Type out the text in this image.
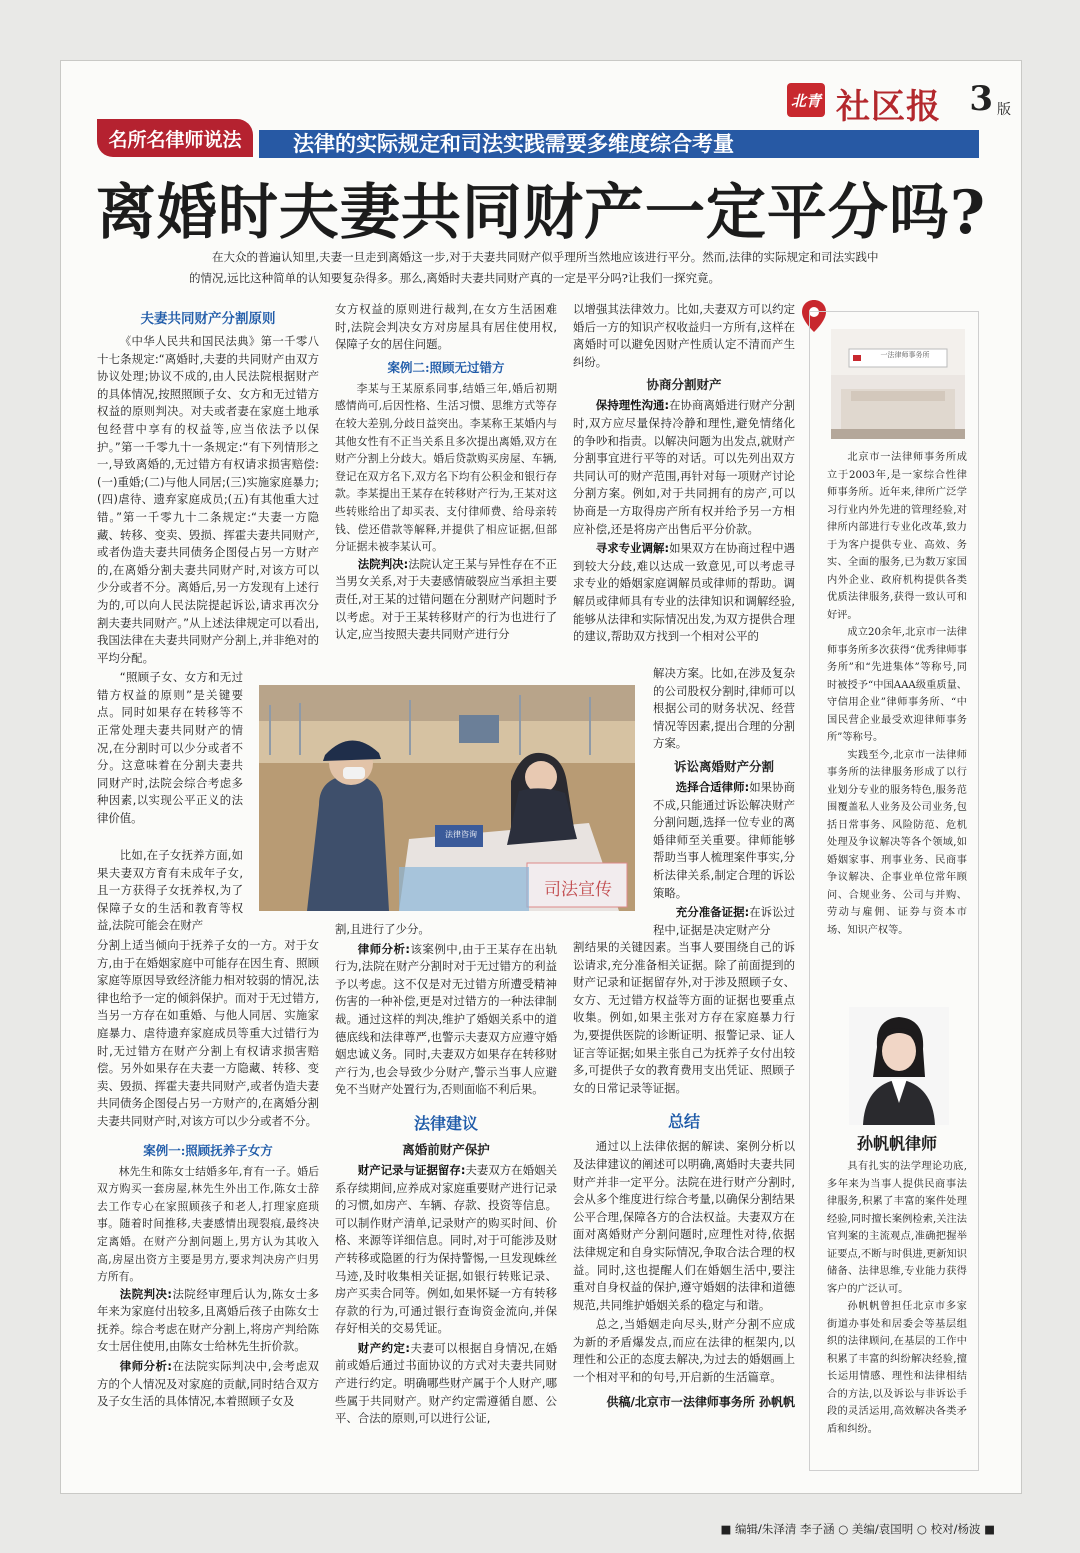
北青 社区报 3 版
法律的实际规定和司法实践需要多维度综合考量
名所名律师说法
离婚时夫妻共同财产一定平分吗?
在大众的普遍认知里,夫妻一旦走到离婚这一步,对于夫妻共同财产似乎理所当然地应该进行平分。然而,法律的实际规定和司法实践中的情况,远比这种简单的认知要复杂得多。那么,离婚时夫妻共同财产真的一定是平分吗?让我们一探究竟。
夫妻共同财产分割原则

《中华人民共和国民法典》第一千零八十七条规定:“离婚时,夫妻的共同财产由双方协议处理;协议不成的,由人民法院根据财产的具体情况,按照照顾子女、女方和无过错方权益的原则判决。对夫或者妻在家庭土地承包经营中享有的权益等,应当依法予以保护。”第一千零九十一条规定:“有下列情形之一,导致离婚的,无过错方有权请求损害赔偿:(一)重婚;(二)与他人同居;(三)实施家庭暴力;(四)虐待、遗弃家庭成员;(五)有其他重大过错。”第一千零九十二条规定:“夫妻一方隐藏、转移、变卖、毁损、挥霍夫妻共同财产,或者伪造夫妻共同债务企图侵占另一方财产的,在离婚分割夫妻共同财产时,对该方可以少分或者不分。离婚后,另一方发现有上述行为的,可以向人民法院提起诉讼,请求再次分割夫妻共同财产。”从上述法律规定可以看出,我国法律在夫妻共同财产分割上,并非绝对的平均分配。

“照顾子女、女方和无过错方权益的原则”是关键要点。同时如果存在转移等不正常处理夫妻共同财产的情况,在分割时可以少分或者不分。这意味着在分割夫妻共同财产时,法院会综合考虑多种因素,以实现公平正义的法律价值。

比如,在子女抚养方面,如果夫妻双方育有未成年子女,且一方获得子女抚养权,为了保障子女的生活和教育等权益,法院可能会在财产

分割上适当倾向于抚养子女的一方。对于女方,由于在婚姻家庭中可能存在因生育、照顾家庭等原因导致经济能力相对较弱的情况,法律也给予一定的倾斜保护。而对于无过错方,当另一方存在如重婚、与他人同居、实施家庭暴力、虐待遗弃家庭成员等重大过错行为时,无过错方在财产分割上有权请求损害赔偿。另外如果存在夫妻一方隐藏、转移、变卖、毁损、挥霍夫妻共同财产,或者伪造夫妻共同债务企图侵占另一方财产的,在离婚分割夫妻共同财产时,对该方可以少分或者不分。

案例一:照顾抚养子女方

林先生和陈女士结婚多年,育有一子。婚后双方购买一套房屋,林先生外出工作,陈女士辞去工作专心在家照顾孩子和老人,打理家庭琐事。随着时间推移,夫妻感情出现裂痕,最终决定离婚。在财产分割问题上,男方认为其收入高,房屋出资方主要是男方,要求判决房产归男方所有。

法院判决:法院经审理后认为,陈女士多年来为家庭付出较多,且离婚后孩子由陈女士抚养。综合考虑在财产分割上,将房产判给陈女士居住使用,由陈女士给林先生折价款。

律师分析:在法院实际判决中,会考虑双方的个人情况及对家庭的贡献,同时结合双方及子女生活的具体情况,本着照顾子女及

女方权益的原则进行裁判,在女方生活困难时,法院会判决女方对房屋具有居住使用权,保障子女的居住问题。

案例二:照顾无过错方

李某与王某原系同事,结婚三年,婚后初期感情尚可,后因性格、生活习惯、思维方式等存在较大差别,分歧日益突出。李某称王某婚内与其他女性有不正当关系且多次提出离婚,双方在财产分割上分歧大。婚后贷款购买房屋、车辆,登记在双方名下,双方名下均有公积金和银行存款。李某提出王某存在转移财产行为,王某对这些转账给出了却买表、支付律师费、给母亲转钱、偿还借款等解释,并提供了相应证据,但部分证据未被李某认可。

法院判决:法院认定王某与异性存在不正当男女关系,对于夫妻感情破裂应当承担主要责任,对王某的过错问题在分割财产问题时予以考虑。对于王某转移财产的行为也进行了认定,应当按照夫妻共同财产进行分

法律咨询
司法宣传

割,且进行了少分。

律师分析:该案例中,由于王某存在出轨行为,法院在财产分割时对于无过错方的利益予以考虑。这不仅是对无过错方所遭受精神伤害的一种补偿,更是对过错方的一种法律制裁。通过这样的判决,维护了婚姻关系中的道德底线和法律尊严,也警示夫妻双方应遵守婚姻忠诚义务。同时,夫妻双方如果存在转移财产行为,也会导致少分财产,警示当事人应避免不当财产处置行为,否则面临不利后果。

法律建议
离婚前财产保护

财产记录与证据留存:夫妻双方在婚姻关系存续期间,应养成对家庭重要财产进行记录的习惯,如房产、车辆、存款、投资等信息。可以制作财产清单,记录财产的购买时间、价格、来源等详细信息。同时,对于可能涉及财产转移或隐匿的行为保持警惕,一旦发现蛛丝马迹,及时收集相关证据,如银行转账记录、房产买卖合同等。例如,如果怀疑一方有转移存款的行为,可通过银行查询资金流向,并保存好相关的交易凭证。

财产约定:夫妻可以根据自身情况,在婚前或婚后通过书面协议的方式对夫妻共同财产进行约定。明确哪些财产属于个人财产,哪些属于共同财产。财产约定需遵循自愿、公平、合法的原则,可以进行公证,

以增强其法律效力。比如,夫妻双方可以约定婚后一方的知识产权收益归一方所有,这样在离婚时可以避免因财产性质认定不清而产生纠纷。

协商分割财产

保持理性沟通:在协商离婚进行财产分割时,双方应尽量保持冷静和理性,避免情绪化的争吵和指责。以解决问题为出发点,就财产分割事宜进行平等的对话。可以先列出双方共同认可的财产范围,再针对每一项财产讨论分割方案。例如,对于共同拥有的房产,可以协商是一方取得房产所有权并给予另一方相应补偿,还是将房产出售后平分价款。

寻求专业调解:如果双方在协商过程中遇到较大分歧,难以达成一致意见,可以考虑寻求专业的婚姻家庭调解员或律师的帮助。调解员或律师具有专业的法律知识和调解经验,能够从法律和实际情况出发,为双方提供合理的建议,帮助双方找到一个相对公平的

解决方案。比如,在涉及复杂的公司股权分割时,律师可以根据公司的财务状况、经营情况等因素,提出合理的分割方案。

诉讼离婚财产分割

选择合适律师:如果协商不成,只能通过诉讼解决财产分割问题,选择一位专业的离婚律师至关重要。律师能够帮助当事人梳理案件事实,分析法律关系,制定合理的诉讼策略。

充分准备证据:在诉讼过程中,证据是决定财产分

割结果的关键因素。当事人要围绕自己的诉讼请求,充分准备相关证据。除了前面提到的财产记录和证据留存外,对于涉及照顾子女、女方、无过错方权益等方面的证据也要重点收集。例如,如果主张对方存在家庭暴力行为,要提供医院的诊断证明、报警记录、证人证言等证据;如果主张自己为抚养子女付出较多,可提供子女的教育费用支出凭证、照顾子女的日常记录等证据。

总结

通过以上法律依据的解读、案例分析以及法律建议的阐述可以明确,离婚时夫妻共同财产并非一定平分。法院在进行财产分割时,会从多个维度进行综合考量,以确保分割结果公平合理,保障各方的合法权益。夫妻双方在面对离婚财产分割问题时,应理性对待,依据法律规定和自身实际情况,争取合法合理的权益。同时,这也提醒人们在婚姻生活中,要注重对自身权益的保护,遵守婚姻的法律和道德规范,共同维护婚姻关系的稳定与和谐。

总之,当婚姻走向尽头,财产分割不应成为新的矛盾爆发点,而应在法律的框架内,以理性和公正的态度去解决,为过去的婚姻画上一个相对平和的句号,开启新的生活篇章。

供稿/北京市一法律师事务所 孙帆帆
一法律师事务所

北京市一法律师事务所成立于2003年,是一家综合性律师事务所。近年来,律所广泛学习行业内外先进的管理经验,对律所内部进行专业化改革,致力于为客户提供专业、高效、务实、全面的服务,已为数万家国内外企业、政府机构提供各类优质法律服务,获得一致认可和好评。

成立20余年,北京市一法律师事务所多次获得“优秀律师事务所”和“先进集体”等称号,同时被授予“中国AAA级重质量、守信用企业”律师事务所、“中国民营企业最受欢迎律师事务所”等称号。

实践至今,北京市一法律师事务所的法律服务形成了以行业划分专业的服务特色,服务范围覆盖私人业务及公司业务,包括日常事务、风险防范、危机处理及争议解决等各个领域,如婚姻家事、刑事业务、民商事争议解决、企事业单位常年顾问、合规业务、公司与并购、劳动与雇佣、证券与资本市场、知识产权等。

孙帆帆律师

具有扎实的法学理论功底,多年来为当事人提供民商事法律服务,积累了丰富的案件处理经验,同时擅长案例检索,关注法官判案的主流观点,准确把握举证要点,不断与时俱进,更新知识储备、法律思维,专业能力获得客户的广泛认可。

孙帆帆曾担任北京市多家街道办事处和居委会等基层组织的法律顾问,在基层的工作中积累了丰富的纠纷解决经验,擅长运用情感、理性和法律相结合的方法,以及诉讼与非诉讼手段的灵活运用,高效解决各类矛盾和纠纷。

■ 编辑/朱泽清 李子涵 ○ 美编/袁国明 ○ 校对/杨波 ■
